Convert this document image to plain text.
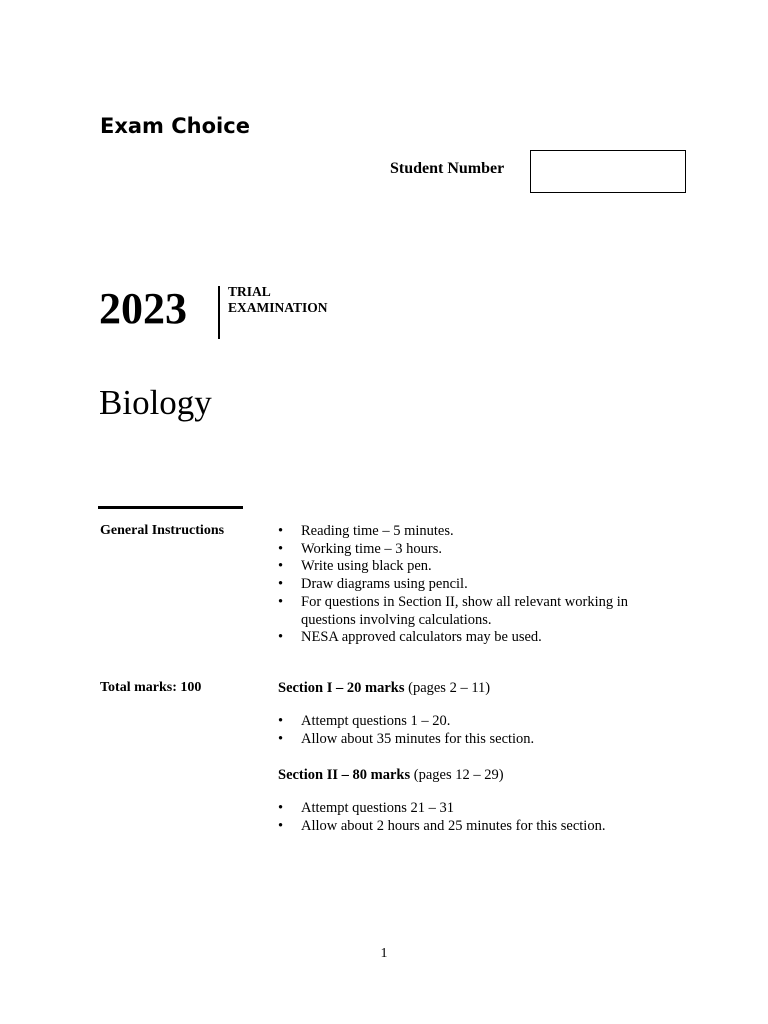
Exam Choice
Student Number
2023	TRIAL
EXAMINATION
Biology
General Instructions	• Reading time – 5 minutes.
• Working time – 3 hours.
• Write using black pen.
• Draw diagrams using pencil.
• For questions in Section II, show all relevant working in questions involving calculations.
• NESA approved calculators may be used.
Total marks: 100	Section I – 20 marks (pages 2 – 11)
• Attempt questions 1 – 20.
• Allow about 35 minutes for this section.
Section II – 80 marks (pages 12 – 29)
• Attempt questions 21 – 31
• Allow about 2 hours and 25 minutes for this section.
1
